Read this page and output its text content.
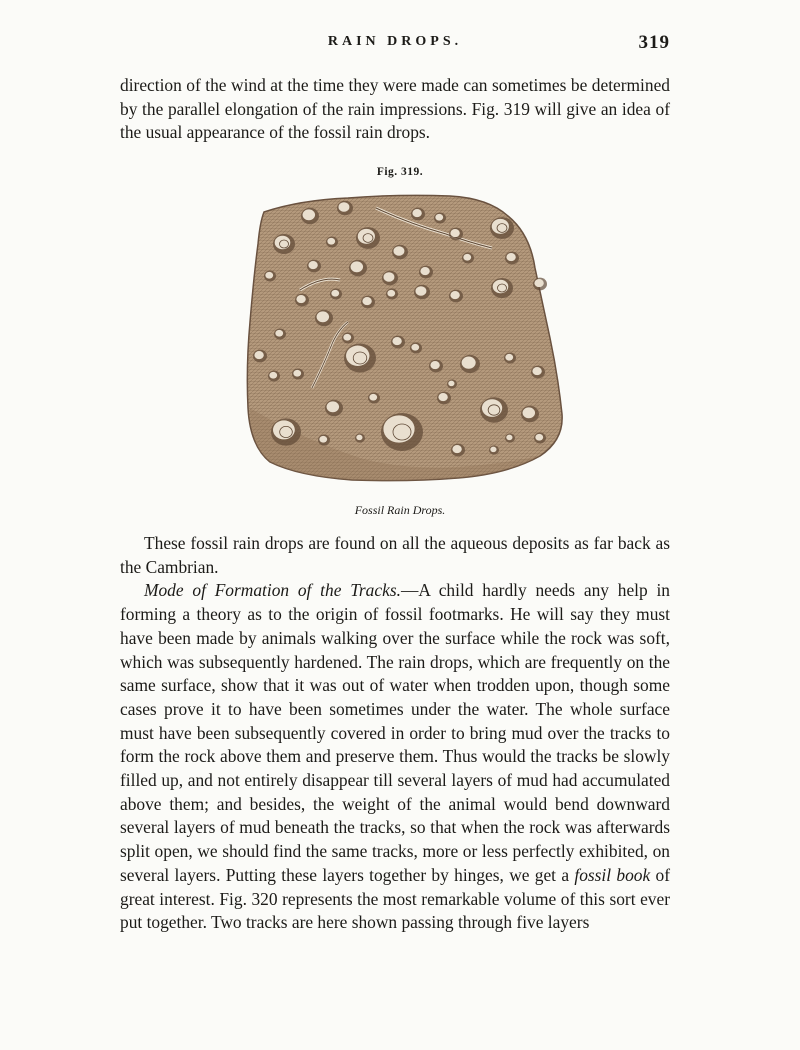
RAIN DROPS.	319

direction of the wind at the time they were made can sometimes be determined by the parallel elongation of the rain impressions. Fig. 319 will give an idea of the usual appearance of the fossil rain drops.

Fig. 319.
Fossil Rain Drops.

These fossil rain drops are found on all the aqueous deposits as far back as the Cambrian.

Mode of Formation of the Tracks.—A child hardly needs any help in forming a theory as to the origin of fossil footmarks. He will say they must have been made by animals walking over the surface while the rock was soft, which was subsequently hardened. The rain drops, which are frequently on the same surface, show that it was out of water when trodden upon, though some cases prove it to have been sometimes under the water. The whole surface must have been subsequently covered in order to bring mud over the tracks to form the rock above them and preserve them. Thus would the tracks be slowly filled up, and not entirely disappear till several layers of mud had accumulated above them; and besides, the weight of the animal would bend downward several layers of mud beneath the tracks, so that when the rock was afterwards split open, we should find the same tracks, more or less perfectly exhibited, on several layers. Putting these layers together by hinges, we get a fossil book of great interest. Fig. 320 represents the most remarkable volume of this sort ever put together. Two tracks are here shown passing through five layers
